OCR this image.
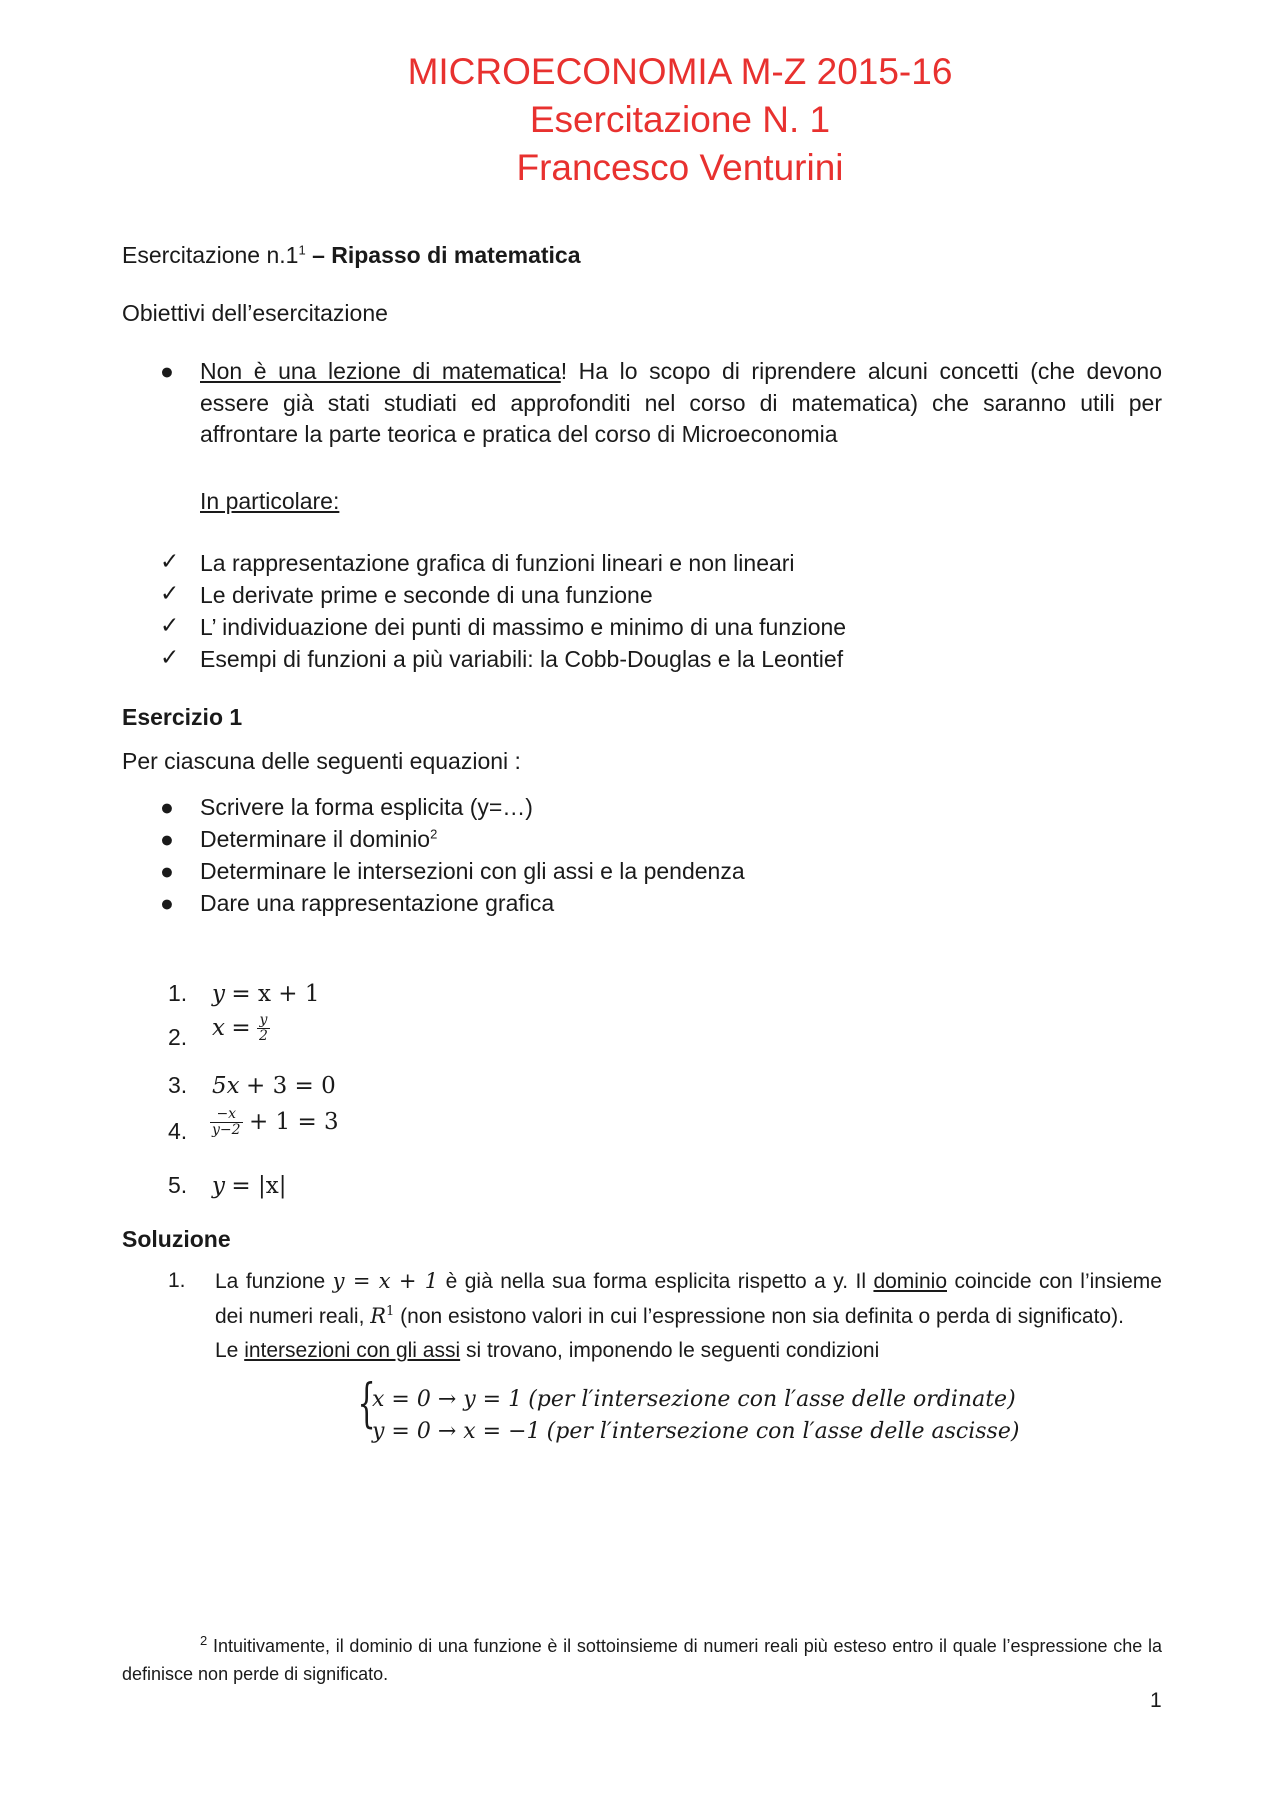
MICROECONOMIA M-Z 2015-16
Esercitazione N. 1
Francesco Venturini
Esercitazione $n.1^1$ – Ripasso di matematica
Obiettivi dell’esercitazione
● Non è una lezione di matematica! Ha lo scopo di riprendere alcuni concetti (che devono essere già stati studiati ed approfonditi nel corso di matematica) che saranno utili per affrontare la parte teorica e pratica del corso di Microeconomia
In particolare:
✓ La rappresentazione grafica di funzioni lineari e non lineari
✓ Le derivate prime e seconde di una funzione
✓ L’ individuazione dei punti di massimo e minimo di una funzione
✓ Esempi di funzioni a più variabili: la Cobb-Douglas e la Leontief
Esercizio 1
Per ciascuna delle seguenti equazioni :
● Scrivere la forma esplicita (y=…)
● Determinare il dominio$^2$
● Determinare le intersezioni con gli assi e la pendenza
● Dare una rappresentazione grafica
1. y = x + 1
2. $x = \frac{y}{2}$
3. 5x + 3 = 0
4. $\frac{-x}{y-2} + 1 = 3$
5. y = |x|
Soluzione
1. La funzione y = x + 1 è già nella sua forma esplicita rispetto a y. Il dominio coincide con l’insieme dei numeri reali, $R^1$ (non esistono valori in cui l’espressione non sia definita o perda di significato).
Le intersezioni con gli assi si trovano, imponendo le seguenti condizioni
{
x = 0 → y = 1 (per l′intersezione con l′asse delle ordinate)
y = 0 → x = −1 (per l′intersezione con l′asse delle ascisse)
$^2$ Intuitivamente, il dominio di una funzione è il sottoinsieme di numeri reali più esteso entro il quale l’espressione che la definisce non perde di significato.
1
